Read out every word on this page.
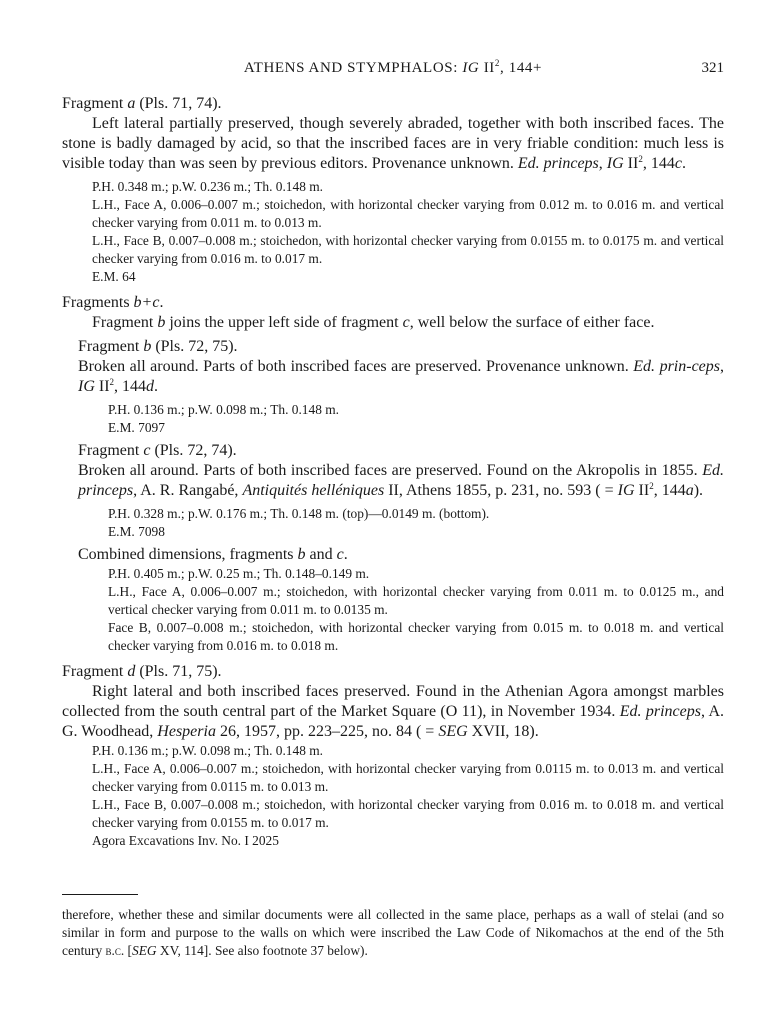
ATHENS AND STYMPHALOS: IG $II^2$, 144+	321

Fragment a (Pls. 71, 74).

Left lateral partially preserved, though severely abraded, together with both inscribed faces. The stone is badly damaged by acid, so that the inscribed faces are in very friable condition: much less is visible today than was seen by previous editors. Provenance unknown. Ed. princeps, IG $II^2$, 144c.

P.H. 0.348 m.; p.W. 0.236 m.; Th. 0.148 m.

L.H., Face A, 0.006–0.007 m.; stoichedon, with horizontal checker varying from 0.012 m. to 0.016 m. and vertical checker varying from 0.011 m. to 0.013 m.

L.H., Face B, 0.007–0.008 m.; stoichedon, with horizontal checker varying from 0.0155 m. to 0.0175 m. and vertical checker varying from 0.016 m. to 0.017 m.

E.M. 64

Fragments b+c.

Fragment b joins the upper left side of fragment c, well below the surface of either face.

Fragment b (Pls. 72, 75).

Broken all around. Parts of both inscribed faces are preserved. Provenance unknown. Ed. prin-ceps, IG $II^2$, 144d.

P.H. 0.136 m.; p.W. 0.098 m.; Th. 0.148 m.

E.M. 7097

Fragment c (Pls. 72, 74).

Broken all around. Parts of both inscribed faces are preserved. Found on the Akropolis in 1855. Ed. princeps, A. R. Rangabé, Antiquités helléniques II, Athens 1855, p. 231, no. 593 ( = IG $II^2$, 144a).

P.H. 0.328 m.; p.W. 0.176 m.; Th. 0.148 m. (top)—0.0149 m. (bottom).

E.M. 7098

Combined dimensions, fragments b and c.

P.H. 0.405 m.; p.W. 0.25 m.; Th. 0.148–0.149 m.

L.H., Face A, 0.006–0.007 m.; stoichedon, with horizontal checker varying from 0.011 m. to 0.0125 m., and vertical checker varying from 0.011 m. to 0.0135 m.

Face B, 0.007–0.008 m.; stoichedon, with horizontal checker varying from 0.015 m. to 0.018 m. and vertical checker varying from 0.016 m. to 0.018 m.

Fragment d (Pls. 71, 75).

Right lateral and both inscribed faces preserved. Found in the Athenian Agora amongst marbles collected from the south central part of the Market Square (O 11), in November 1934. Ed. princeps, A. G. Woodhead, Hesperia 26, 1957, pp. 223–225, no. 84 ( = SEG XVII, 18).

P.H. 0.136 m.; p.W. 0.098 m.; Th. 0.148 m.

L.H., Face A, 0.006–0.007 m.; stoichedon, with horizontal checker varying from 0.0115 m. to 0.013 m. and vertical checker varying from 0.0115 m. to 0.013 m.

L.H., Face B, 0.007–0.008 m.; stoichedon, with horizontal checker varying from 0.016 m. to 0.018 m. and vertical checker varying from 0.0155 m. to 0.017 m.

Agora Excavations Inv. No. I 2025

therefore, whether these and similar documents were all collected in the same place, perhaps as a wall of stelai (and so similar in form and purpose to the walls on which were inscribed the Law Code of Nikomachos at the end of the 5th century b.c. [SEG XV, 114]. See also footnote 37 below).
